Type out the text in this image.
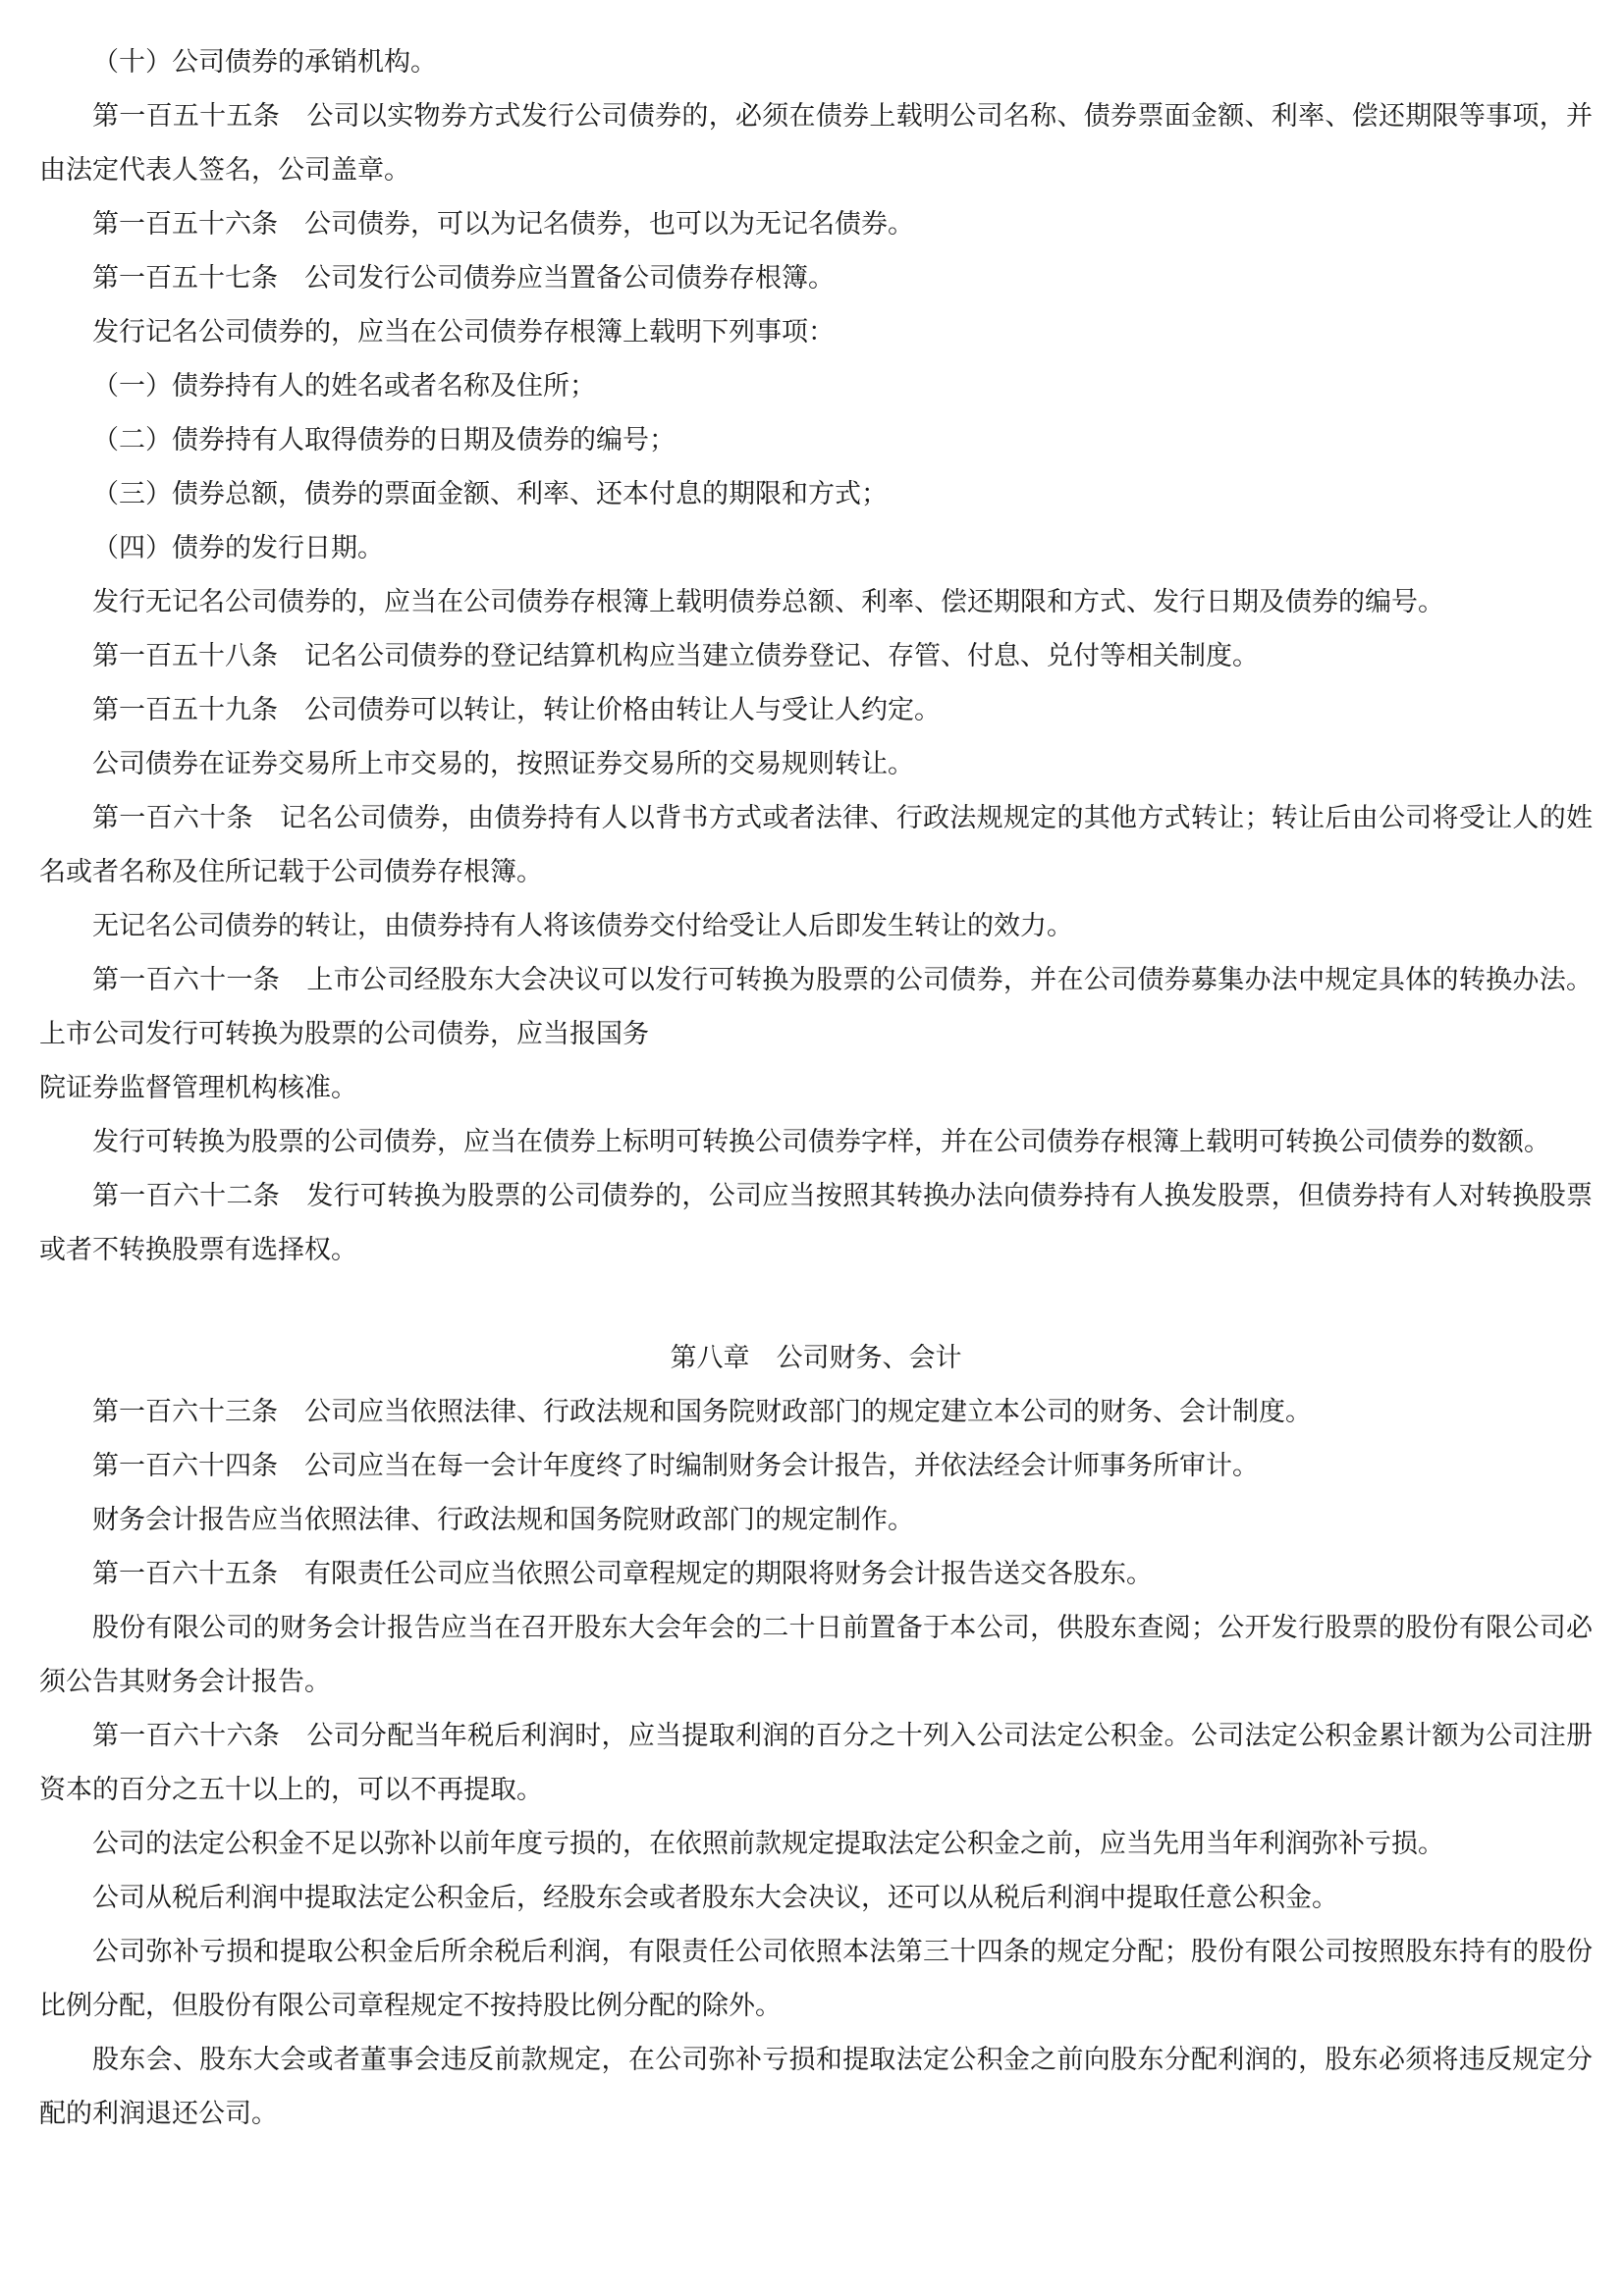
（十）公司债券的承销机构。

第一百五十五条　公司以实物券方式发行公司债券的，必须在债券上载明公司名称、债券票面金额、利率、偿还期限等事项，并由法定代表人签名，公司盖章。

第一百五十六条　公司债券，可以为记名债券，也可以为无记名债券。

第一百五十七条　公司发行公司债券应当置备公司债券存根簿。

发行记名公司债券的，应当在公司债券存根簿上载明下列事项：

（一）债券持有人的姓名或者名称及住所；

（二）债券持有人取得债券的日期及债券的编号；

（三）债券总额，债券的票面金额、利率、还本付息的期限和方式；

（四）债券的发行日期。

发行无记名公司债券的，应当在公司债券存根簿上载明债券总额、利率、偿还期限和方式、发行日期及债券的编号。

第一百五十八条　记名公司债券的登记结算机构应当建立债券登记、存管、付息、兑付等相关制度。

第一百五十九条　公司债券可以转让，转让价格由转让人与受让人约定。

公司债券在证券交易所上市交易的，按照证券交易所的交易规则转让。

第一百六十条　记名公司债券，由债券持有人以背书方式或者法律、行政法规规定的其他方式转让；转让后由公司将受让人的姓名或者名称及住所记载于公司债券存根簿。

无记名公司债券的转让，由债券持有人将该债券交付给受让人后即发生转让的效力。

第一百六十一条　上市公司经股东大会决议可以发行可转换为股票的公司债券，并在公司债券募集办法中规定具体的转换办法。上市公司发行可转换为股票的公司债券，应当报国务

院证券监督管理机构核准。

发行可转换为股票的公司债券，应当在债券上标明可转换公司债券字样，并在公司债券存根簿上载明可转换公司债券的数额。

第一百六十二条　发行可转换为股票的公司债券的，公司应当按照其转换办法向债券持有人换发股票，但债券持有人对转换股票或者不转换股票有选择权。

第八章　公司财务、会计

第一百六十三条　公司应当依照法律、行政法规和国务院财政部门的规定建立本公司的财务、会计制度。

第一百六十四条　公司应当在每一会计年度终了时编制财务会计报告，并依法经会计师事务所审计。

财务会计报告应当依照法律、行政法规和国务院财政部门的规定制作。

第一百六十五条　有限责任公司应当依照公司章程规定的期限将财务会计报告送交各股东。

股份有限公司的财务会计报告应当在召开股东大会年会的二十日前置备于本公司，供股东查阅；公开发行股票的股份有限公司必须公告其财务会计报告。

第一百六十六条　公司分配当年税后利润时，应当提取利润的百分之十列入公司法定公积金。公司法定公积金累计额为公司注册资本的百分之五十以上的，可以不再提取。

公司的法定公积金不足以弥补以前年度亏损的，在依照前款规定提取法定公积金之前，应当先用当年利润弥补亏损。

公司从税后利润中提取法定公积金后，经股东会或者股东大会决议，还可以从税后利润中提取任意公积金。

公司弥补亏损和提取公积金后所余税后利润，有限责任公司依照本法第三十四条的规定分配；股份有限公司按照股东持有的股份比例分配，但股份有限公司章程规定不按持股比例分配的除外。

股东会、股东大会或者董事会违反前款规定，在公司弥补亏损和提取法定公积金之前向股东分配利润的，股东必须将违反规定分配的利润退还公司。
